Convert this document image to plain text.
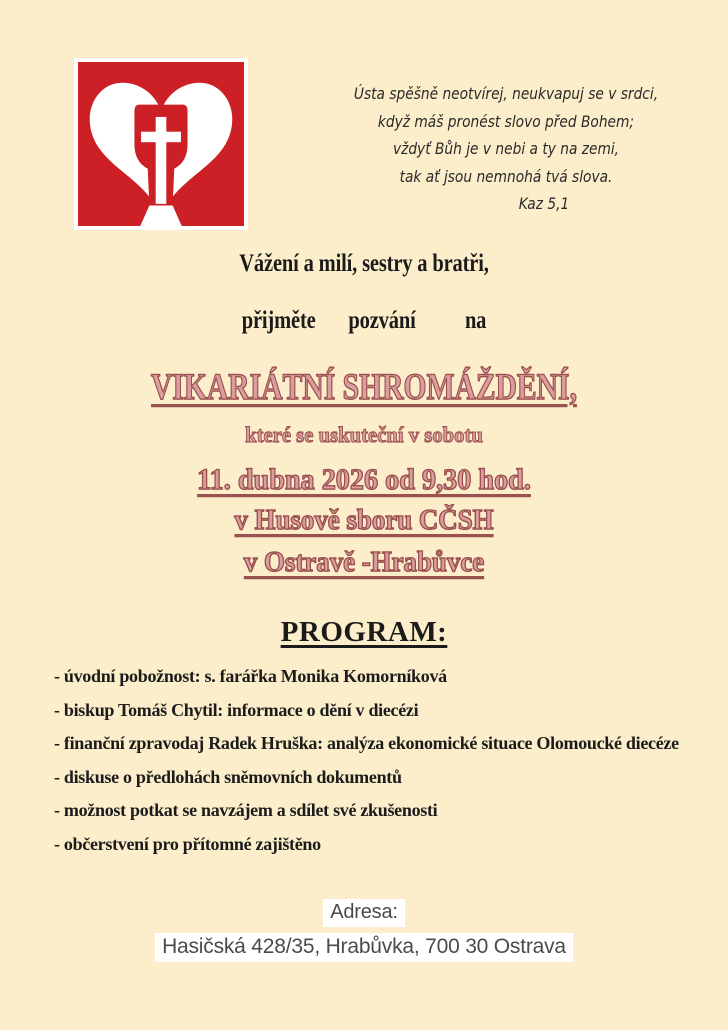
Ústa spěšně neotvírej, neukvapuj se v srdci,
když máš pronést slovo před Bohem;
vždyť Bůh je v nebi a ty na zemi,
tak ať jsou nemnohá tvá slova.
Kaz 5,1
Vážení a milí, sestry a bratři,
přijměte  pozvání   na
VIKARIÁTNÍ SHROMÁŽDĚNÍ,
které se uskuteční v sobotu
11. dubna 2026 od 9,30 hod.
v Husově sboru CČSH
v Ostravě -Hrabůvce
PROGRAM:
- úvodní pobožnost: s. farářka Monika Komorníková
- biskup Tomáš Chytil: informace o dění v diecézi
- finanční zpravodaj Radek Hruška: analýza ekonomické situace Olomoucké diecéze
- diskuse o předlohách sněmovních dokumentů
- možnost potkat se navzájem a sdílet své zkušenosti
- občerstvení pro přítomné zajištěno
Adresa:
Hasičská 428/35, Hrabůvka, 700 30 Ostrava
